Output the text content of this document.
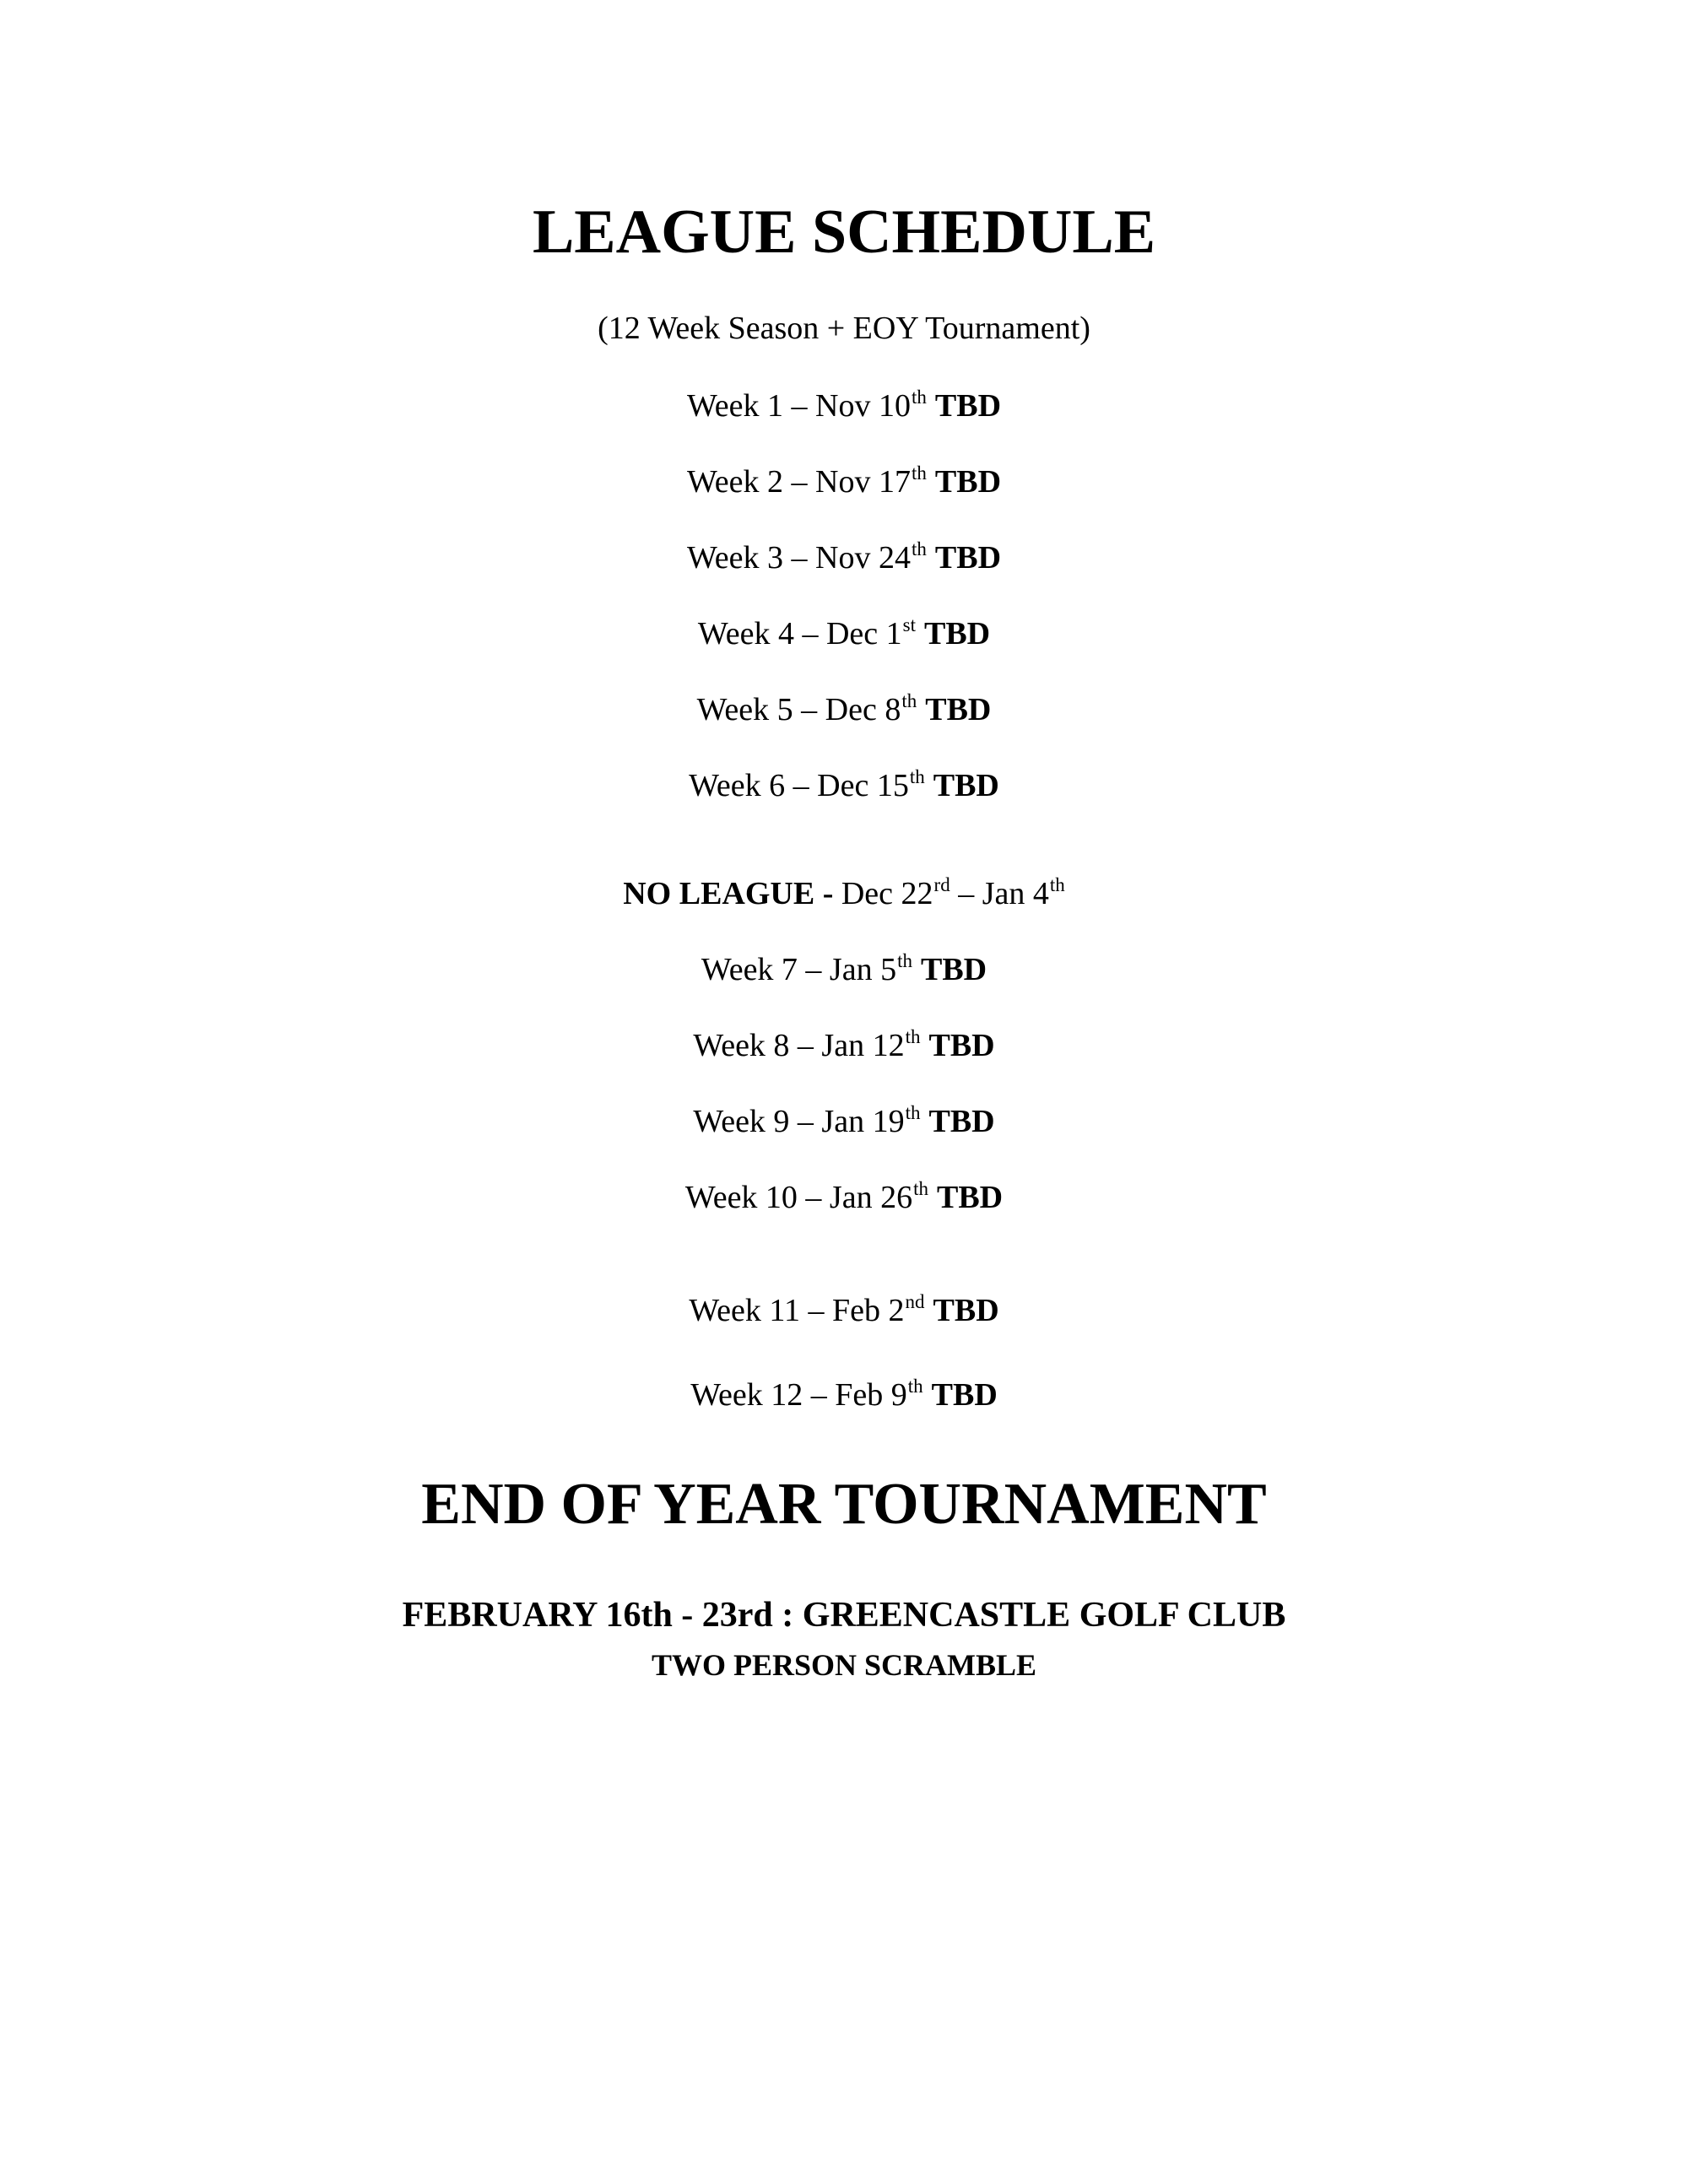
LEAGUE SCHEDULE
(12 Week Season + EOY Tournament)
Week 1 – Nov 10th TBD
Week 2 – Nov 17th TBD
Week 3 – Nov 24th TBD
Week 4 – Dec 1st TBD
Week 5 – Dec 8th TBD
Week 6 – Dec 15th TBD
NO LEAGUE - Dec 22rd – Jan 4th
Week 7 – Jan 5th TBD
Week 8 – Jan 12th TBD
Week 9 – Jan 19th TBD
Week 10 – Jan 26th TBD
Week 11 – Feb 2nd TBD
Week 12 – Feb 9th TBD
END OF YEAR TOURNAMENT
FEBRUARY 16th - 23rd : GREENCASTLE GOLF CLUB
TWO PERSON SCRAMBLE
